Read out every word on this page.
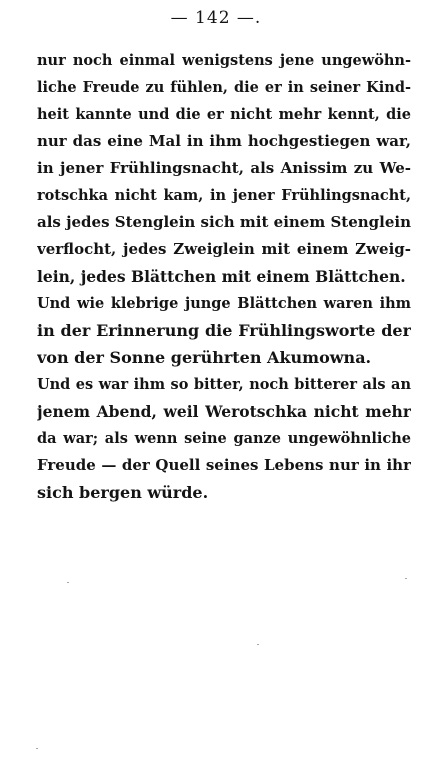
— 142 —.
nur noch einmal wenigstens jene ungewöhn-
liche Freude zu fühlen, die er in seiner Kind-
heit kannte und die er nicht mehr kennt, die
nur das eine Mal in ihm hochgestiegen war,
in jener Frühlingsnacht, als Anissim zu We-
rotschka nicht kam, in jener Frühlingsnacht,
als jedes Stenglein sich mit einem Stenglein
verflocht, jedes Zweiglein mit einem Zweig-
lein, jedes Blättchen mit einem Blättchen.
Und wie klebrige junge Blättchen waren ihm
in der Erinnerung die Frühlingsworte der
von der Sonne gerührten Akumowna.
Und es war ihm so bitter, noch bitterer als an
jenem Abend, weil Werotschka nicht mehr
da war; als wenn seine ganze ungewöhnliche
Freude — der Quell seines Lebens nur in ihr
sich bergen würde.
